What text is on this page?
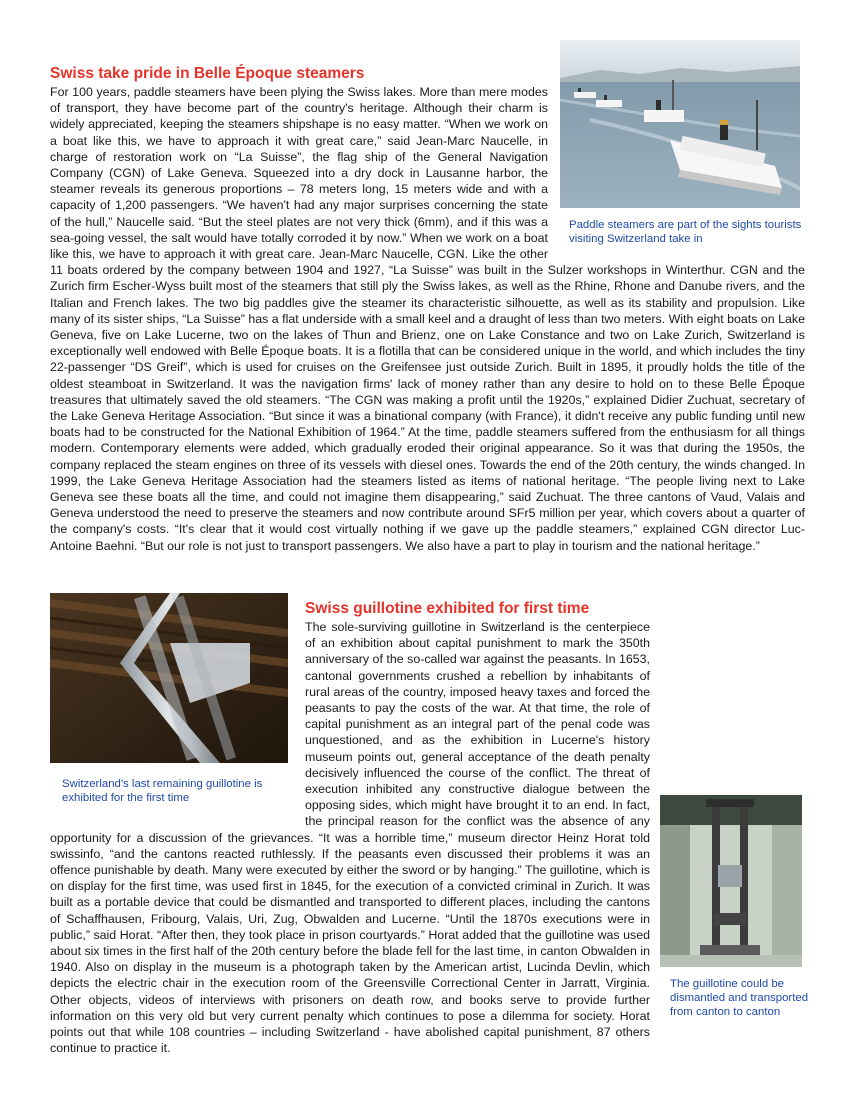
Paddle steamers are part of the sights tourists visiting Switzerland take in
Swiss take pride in Belle Époque steamers

For 100 years, paddle steamers have been plying the Swiss lakes. More than mere modes of transport, they have become part of the country's heritage. Although their charm is widely appreciated, keeping the steamers shipshape is no easy matter. “When we work on a boat like this, we have to approach it with great care,” said Jean-Marc Naucelle, in charge of restoration work on “La Suisse”, the flag ship of the General Navigation Company (CGN) of Lake Geneva. Squeezed into a dry dock in Lausanne harbor, the steamer reveals its generous proportions – 78 meters long, 15 meters wide and with a capacity of 1,200 passengers. “We haven't had any major surprises concerning the state of the hull,” Naucelle said. “But the steel plates are not very thick (6mm), and if this was a sea-going vessel, the salt would have totally corroded it by now.” When we work on a boat like this, we have to approach it with great care. Jean-Marc Naucelle, CGN. Like the other 11 boats ordered by the company between 1904 and 1927, “La Suisse” was built in the Sulzer workshops in Winterthur. CGN and the Zurich firm Escher-Wyss built most of the steamers that still ply the Swiss lakes, as well as the Rhine, Rhone and Danube rivers, and the Italian and French lakes. The two big paddles give the steamer its characteristic silhouette, as well as its stability and propulsion. Like many of its sister ships, “La Suisse” has a flat underside with a small keel and a draught of less than two meters. With eight boats on Lake Geneva, five on Lake Lucerne, two on the lakes of Thun and Brienz, one on Lake Constance and two on Lake Zurich, Switzerland is exceptionally well endowed with Belle Époque boats. It is a flotilla that can be considered unique in the world, and which includes the tiny 22-passenger “DS Greif”, which is used for cruises on the Greifensee just outside Zurich. Built in 1895, it proudly holds the title of the oldest steamboat in Switzerland. It was the navigation firms' lack of money rather than any desire to hold on to these Belle Époque treasures that ultimately saved the old steamers. “The CGN was making a profit until the 1920s,” explained Didier Zuchuat, secretary of the Lake Geneva Heritage Association. “But since it was a binational company (with France), it didn't receive any public funding until new boats had to be constructed for the National Exhibition of 1964.” At the time, paddle steamers suffered from the enthusiasm for all things modern. Contemporary elements were added, which gradually eroded their original appearance. So it was that during the 1950s, the company replaced the steam engines on three of its vessels with diesel ones. Towards the end of the 20th century, the winds changed. In 1999, the Lake Geneva Heritage Association had the steamers listed as items of national heritage. “The people living next to Lake Geneva see these boats all the time, and could not imagine them disappearing,” said Zuchuat. The three cantons of Vaud, Valais and Geneva understood the need to preserve the steamers and now contribute around SFr5 million per year, which covers about a quarter of the company's costs. “It's clear that it would cost virtually nothing if we gave up the paddle steamers,” explained CGN director Luc-Antoine Baehni. “But our role is not just to transport passengers. We also have a part to play in tourism and the national heritage.”

Switzerland's last remaining guillotine is exhibited for the first time
The guillotine could be dismantled and transported from canton to canton
Swiss guillotine exhibited for first time

The sole-surviving guillotine in Switzerland is the centerpiece of an exhibition about capital punishment to mark the 350th anniversary of the so-called war against the peasants. In 1653, cantonal governments crushed a rebellion by inhabitants of rural areas of the country, imposed heavy taxes and forced the peasants to pay the costs of the war. At that time, the role of capital punishment as an integral part of the penal code was unquestioned, and as the exhibition in Lucerne's history museum points out, general acceptance of the death penalty decisively influenced the course of the conflict. The threat of execution inhibited any constructive dialogue between the opposing sides, which might have brought it to an end. In fact, the principal reason for the conflict was the absence of any opportunity for a discussion of the grievances. “It was a horrible time,” museum director Heinz Horat told swissinfo, “and the cantons reacted ruthlessly. If the peasants even discussed their problems it was an offence punishable by death. Many were executed by either the sword or by hanging.” The guillotine, which is on display for the first time, was used first in 1845, for the execution of a convicted criminal in Zurich. It was built as a portable device that could be dismantled and transported to different places, including the cantons of Schaffhausen, Fribourg, Valais, Uri, Zug, Obwalden and Lucerne. “Until the 1870s executions were in public,” said Horat. “After then, they took place in prison courtyards.” Horat added that the guillotine was used about six times in the first half of the 20th century before the blade fell for the last time, in canton Obwalden in 1940. Also on display in the museum is a photograph taken by the American artist, Lucinda Devlin, which depicts the electric chair in the execution room of the Greensville Correctional Center in Jarratt, Virginia. Other objects, videos of interviews with prisoners on death row, and books serve to provide further information on this very old but very current penalty which continues to pose a dilemma for society. Horat points out that while 108 countries – including Switzerland - have abolished capital punishment, 87 others continue to practice it.
